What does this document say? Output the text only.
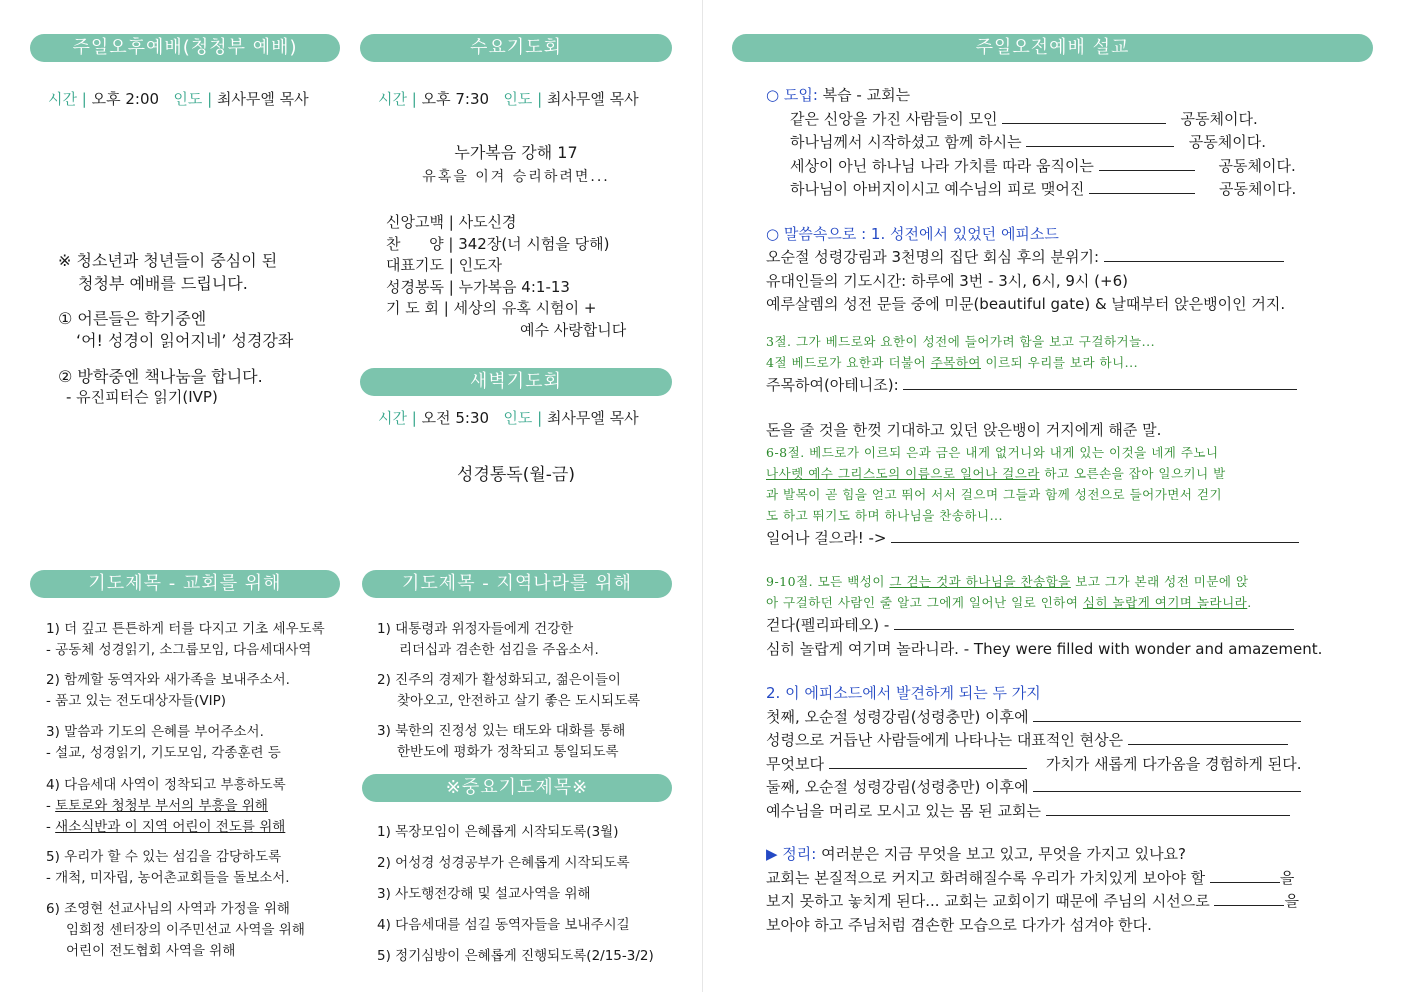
주일오후예배(청청부 예배)
시간 | 오후 2:00 인도 | 최사무엘 목사
※ 청소년과 청년들이 중심이 된
청청부 예배를 드립니다.
① 어른들은 학기중엔
‘어! 성경이 읽어지네’ 성경강좌
② 방학중엔 책나눔을 합니다.
- 유진피터슨 읽기(IVP)
수요기도회
시간 | 오후 7:30 인도 | 최사무엘 목사
누가복음 강해 17
유혹을 이겨 승리하려면...
신앙고백 | 사도신경
찬      양 | 342장(너 시험을 당해)
대표기도 | 인도자
성경봉독 | 누가복음 4:1-13
기 도 회 | 세상의 유혹 시험이 +
예수 사랑합니다
새벽기도회
시간 | 오전 5:30 인도 | 최사무엘 목사
성경통독(월-금)
기도제목 - 교회를 위해
1) 더 깊고 튼튼하게 터를 다지고 기초 세우도록
- 공동체 성경읽기, 소그룹모임, 다음세대사역
2) 함께할 동역자와 새가족을 보내주소서.
- 품고 있는 전도대상자들(VIP)
3) 말씀과 기도의 은혜를 부어주소서.
- 설교, 성경읽기, 기도모임, 각종훈련 등
4) 다음세대 사역이 정착되고 부흥하도록
- 토토로와 청청부 부서의 부흥을 위해
- 새소식반과 이 지역 어린이 전도를 위해
5) 우리가 할 수 있는 섬김을 감당하도록
- 개척, 미자립, 농어촌교회들을 돌보소서.
6) 조영현 선교사님의 사역과 가정을 위해
임희정 센터장의 이주민선교 사역을 위해
어린이 전도협회 사역을 위해
기도제목 - 지역나라를 위해
1) 대통령과 위정자들에게 건강한
리더십과 겸손한 섬김을 주옵소서.
2) 진주의 경제가 활성화되고, 젊은이들이
찾아오고, 안전하고 살기 좋은 도시되도록
3) 북한의 진정성 있는 태도와 대화를 통해
한반도에 평화가 정착되고 통일되도록
※중요기도제목※
1) 목장모임이 은혜롭게 시작되도록(3월)
2) 어성경 성경공부가 은혜롭게 시작되도록
3) 사도행전강해 및 설교사역을 위해
4) 다음세대를 섬길 동역자들을 보내주시길
5) 정기심방이 은혜롭게 진행되도록(2/15-3/2)
주일오전예배 설교
○ 도입: 복습 - 교회는
같은 신앙을 가진 사람들이 모인	공동체이다.
하나님께서 시작하셨고 함께 하시는	공동체이다.
세상이 아닌 하나님 나라 가치를 따라 움직이는	공동체이다.
하나님이 아버지이시고 예수님의 피로 맺어진	공동체이다.
○ 말씀속으로 : 1. 성전에서 있었던 에피소드
오순절 성령강림과 3천명의 집단 회심 후의 분위기:
유대인들의 기도시간: 하루에 3번 - 3시, 6시, 9시 (+6)
예루살렘의 성전 문들 중에 미문(beautiful gate) & 날때부터 앉은뱅이인 거지.
3절. 그가 베드로와 요한이 성전에 들어가려 함을 보고 구걸하거늘...
4절 베드로가 요한과 더불어 주목하여 이르되 우리를 보라 하니...
주목하여(아테니조):
돈을 줄 것을 한껏 기대하고 있던 앉은뱅이 거지에게 해준 말.
6-8절. 베드로가 이르되 은과 금은 내게 없거니와 내게 있는 이것을 네게 주노니
나사렛 예수 그리스도의 이름으로 일어나 걸으라 하고 오른손을 잡아 일으키니 발
과 발목이 곧 힘을 얻고 뛰어 서서 걸으며 그들과 함께 성전으로 들어가면서 걷기
도 하고 뛰기도 하며 하나님을 찬송하니...
일어나 걸으라! ->
9-10절. 모든 백성이 그 걷는 것과 하나님을 찬송함을 보고 그가 본래 성전 미문에 앉
아 구걸하던 사람인 줄 알고 그에게 일어난 일로 인하여 심히 놀랍게 여기며 놀라니라.
걷다(펠리파테오) -
심히 놀랍게 여기며 놀라니라. - They were filled with wonder and amazement.
2. 이 에피소드에서 발견하게 되는 두 가지
첫째, 오순절 성령강림(성령충만) 이후에
성령으로 거듭난 사람들에게 나타나는 대표적인 현상은
무엇보다	가치가 새롭게 다가옴을 경험하게 된다.
둘째, 오순절 성령강림(성령충만) 이후에
예수님을 머리로 모시고 있는 몸 된 교회는
▶ 정리: 여러분은 지금 무엇을 보고 있고, 무엇을 가지고 있나요?
교회는 본질적으로 커지고 화려해질수록 우리가 가치있게 보아야 할	을
보지 못하고 놓치게 된다... 교회는 교회이기 때문에 주님의 시선으로	을
보아야 하고 주님처럼 겸손한 모습으로 다가가 섬겨야 한다.
